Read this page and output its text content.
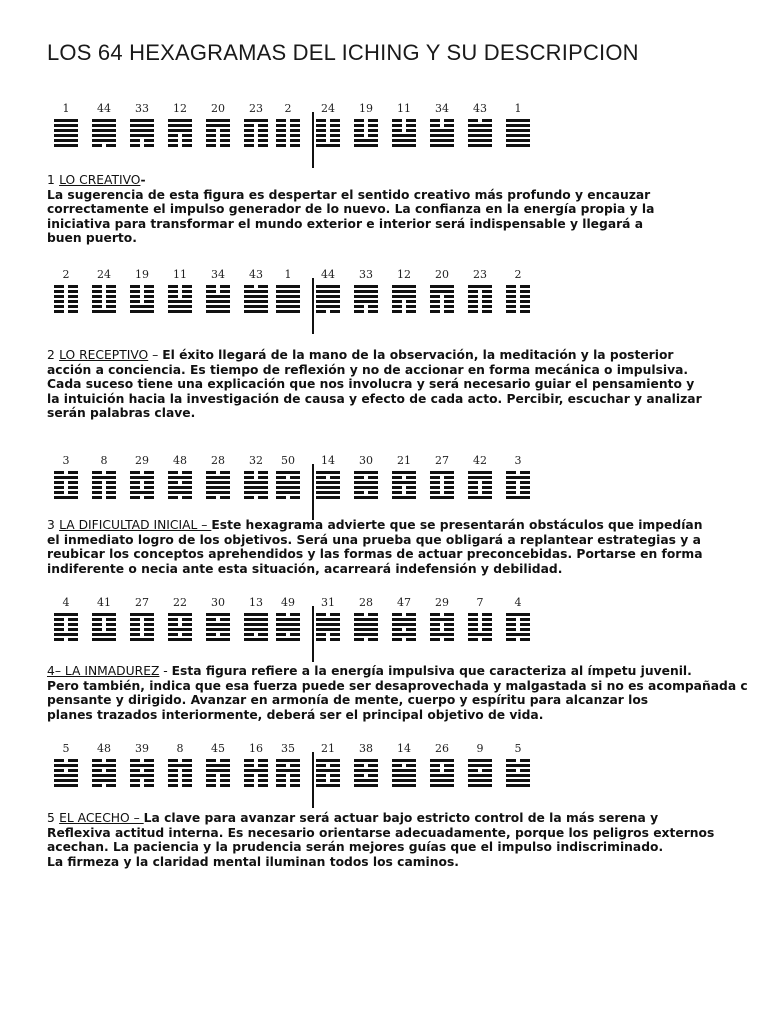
LOS 64 HEXAGRAMAS DEL ICHING Y SU DESCRIPCION
1	44	33	12	20	23	2	24	19	11	34	43	1
2	24	19	11	34	43	1	44	33	12	20	23	2
3	8	29	48	28	32	50	14	30	21	27	42	3
4	41	27	22	30	13	49	31	28	47	29	7	4
5	48	39	8	45	16	35	21	38	14	26	9	5
1 LO CREATIVO-
La sugerencia de esta figura es despertar el sentido creativo más profundo y encauzar
correctamente el impulso generador de lo nuevo. La confianza en la energía propia y la
iniciativa para transformar el mundo exterior e interior será indispensable y llegará a
buen puerto.
2 LO RECEPTIVO – El éxito llegará de la mano de la observación, la meditación y la posterior
acción a conciencia. Es tiempo de reflexión y no de accionar en forma mecánica o impulsiva.
Cada suceso tiene una explicación que nos involucra y será necesario guiar el pensamiento y
la intuición hacia la investigación de causa y efecto de cada acto. Percibir, escuchar y analizar
serán palabras clave.
3 LA DIFICULTAD INICIAL – Este hexagrama advierte que se presentarán obstáculos que impedían
el inmediato logro de los objetivos. Será una prueba que obligará a replantear estrategias y a
reubicar los conceptos aprehendidos y las formas de actuar preconcebidas. Portarse en forma
indiferente o necia ante esta situación, acarreará indefensión y debilidad.
4– LA INMADUREZ - Esta figura refiere a la energía impulsiva que caracteriza al ímpetu juvenil.
Pero también, indica que esa fuerza puede ser desaprovechada y malgastada si no es acompañada c
pensante y dirigido. Avanzar en armonía de mente, cuerpo y espíritu para alcanzar los
planes trazados interiormente, deberá ser el principal objetivo de vida.
5 EL ACECHO – La clave para avanzar será actuar bajo estricto control de la más serena y
Reflexiva actitud interna. Es necesario orientarse adecuadamente, porque los peligros externos
acechan. La paciencia y la prudencia serán mejores guías que el impulso indiscriminado.
La firmeza y la claridad mental iluminan todos los caminos.
